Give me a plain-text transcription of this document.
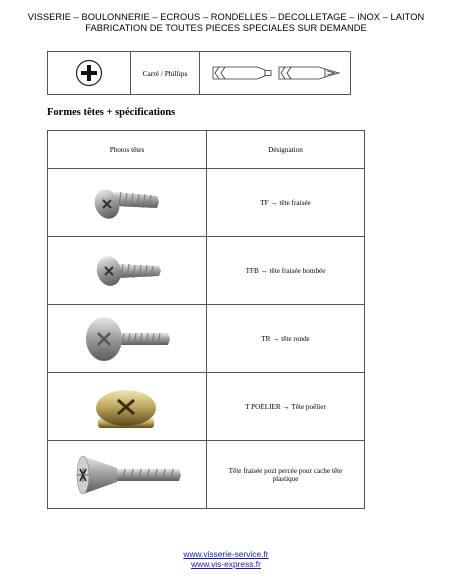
VISSERIE – BOULONNERIE – ECROUS – RONDELLES – DECOLLETAGE – INOX – LAITON
FABRICATION DE TOUTES PIECES SPECIALES SUR DEMANDE
	Carré / Phillips	
Formes têtes + spécifications
Photos têtes	Désignation

	TF → tête fraisée

	TFB → tête fraisée bombée

	TR → tête ronde

	T POELIER → Tête poêlier

	Tête fraisée pozi percée pour cache tête plastique
www.visserie-service.fr
www.vis-express.fr
